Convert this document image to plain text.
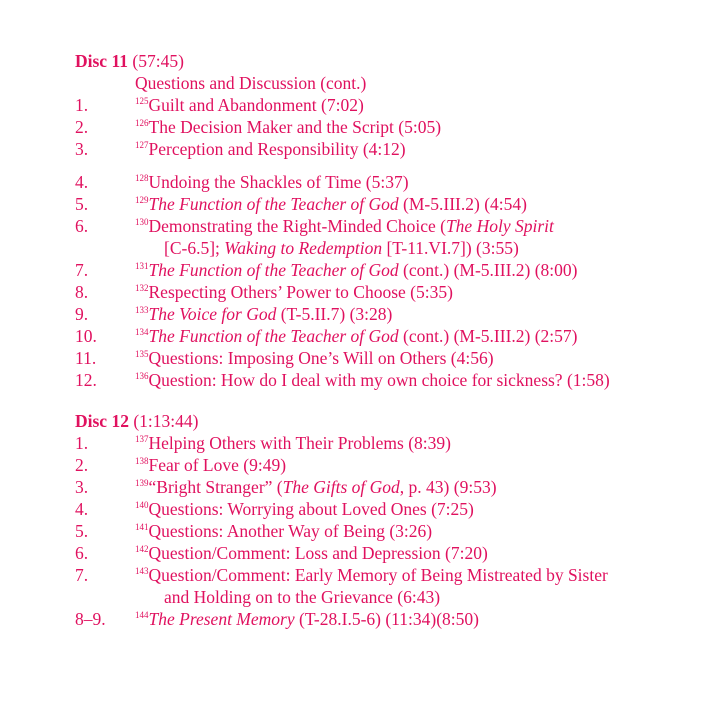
Disc 11 (57:45)
Questions and Discussion (cont.)
1.	$^{125}$Guilt and Abandonment (7:02)
2.	$^{126}$The Decision Maker and the Script (5:05)
3.	$^{127}$Perception and Responsibility (4:12)
4.	$^{128}$Undoing the Shackles of Time (5:37)
5.	$^{129}$The Function of the Teacher of God (M-5.III.2) (4:54)
6.	$^{130}$Demonstrating the Right-Minded Choice (The Holy Spirit
[C-6.5]; Waking to Redemption [T-11.VI.7]) (3:55)
7.	$^{131}$The Function of the Teacher of God (cont.) (M-5.III.2) (8:00)
8.	$^{132}$Respecting Others’ Power to Choose (5:35)
9.	$^{133}$The Voice for God (T-5.II.7) (3:28)
10.	$^{134}$The Function of the Teacher of God (cont.) (M-5.III.2) (2:57)
11.	$^{135}$Questions: Imposing One’s Will on Others (4:56)
12.	$^{136}$Question: How do I deal with my own choice for sickness? (1:58)
Disc 12 (1:13:44)
1.	$^{137}$Helping Others with Their Problems (8:39)
2.	$^{138}$Fear of Love (9:49)
3.	$^{139}$“Bright Stranger” (The Gifts of God, p. 43) (9:53)
4.	$^{140}$Questions: Worrying about Loved Ones (7:25)
5.	$^{141}$Questions: Another Way of Being (3:26)
6.	$^{142}$Question/Comment: Loss and Depression (7:20)
7.	$^{143}$Question/Comment: Early Memory of Being Mistreated by Sister
and Holding on to the Grievance (6:43)
8–9.	$^{144}$The Present Memory (T-28.I.5-6) (11:34)(8:50)
